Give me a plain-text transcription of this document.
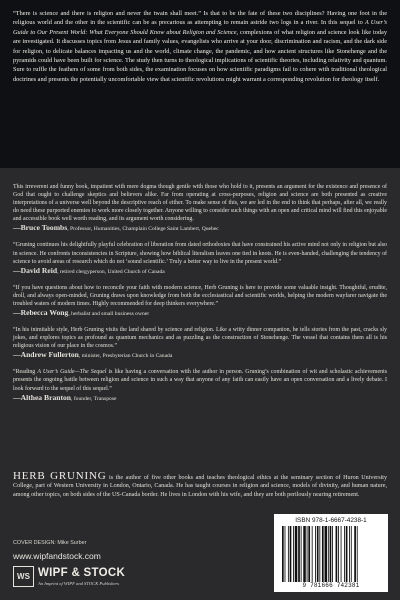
“There is science and there is religion and never the twain shall meet.” Is that to be the fate of these two disciplines? Having one foot in the religious world and the other in the scientific can be as precarious as attempting to remain astride two logs in a river. In this sequel to A User’s Guide to Our Present World: What Everyone Should Know about Religion and Science, complexions of what religion and science look like today are investigated. It discusses topics from Jesus and family values, evangelists who arrive at your door, discrimination and racism, and the dark side for religion, to delicate balances impacting us and the world, climate change, the pandemic, and how ancient structures like Stonehenge and the pyramids could have been built for science. The study then turns to theological implications of scientific theories, including relativity and quantum. Sure to ruffle the feathers of some from both sides, the examination focuses on how scientific paradigms fail to cohere with traditional theological doctrines and presents the potentially uncomfortable view that scientific revolutions might warrant a corresponding revolution for theology itself.
This irreverent and funny book, impatient with mere dogma though gentle with those who hold to it, presents an argument for the existence and presence of God that ought to challenge skeptics and believers alike. Far from operating at cross-purposes, religion and science are both presented as creative interpretations of a universe well beyond the descriptive reach of either. To make sense of this, we are led in the end to think that perhaps, after all, we really do need these purported enemies to work more closely together. Anyone willing to consider such things with an open and critical mind will find this enjoyable and accessible book well worth reading, and its argument worth considering.
—Bruce Toombs, Professor, Humanities, Champlain College Saint Lambert, Quebec
“Gruning continues his delightfully playful celebration of liberation from dated orthodoxies that have constrained his active mind not only in religion but also in science. He confronts inconsistencies in Scripture, showing how biblical literalism leaves one tied in knots. He is even-handed, challenging the tendency of science to avoid areas of research which do not ‘sound scientific.’ Truly a better way to live in the present world.”
—David Reid, retired clergyperson, United Church of Canada
“If you have questions about how to reconcile your faith with modern science, Herb Gruning is here to provide some valuable insight. Thoughtful, erudite, droll, and always open-minded, Gruning draws upon knowledge from both the ecclesiastical and scientific worlds, helping the modern wayfarer navigate the troubled waters of modern times. Highly recommended for deep thinkers everywhere.”
—Rebecca Wong, herbalist and small business owner
“In his inimitable style, Herb Gruning visits the land shared by science and religion. Like a witty dinner companion, he tells stories from the past, cracks sly jokes, and explores topics as profound as quantum mechanics and as puzzling as the construction of Stonehenge. The vessel that contains them all is his religious vision of our place in the cosmos.”
—Andrew Fullerton, minister, Presbyterian Church in Canada
“Reading A User’s Guide—The Sequel is like having a conversation with the author in person. Gruning’s combination of wit and scholastic achievements presents the ongoing battle between religion and science in such a way that anyone of any faith can easily have an open conversation and a lively debate. I look forward to the sequel of this sequel.”
—Althea Branton, founder, Transpose
HERB GRUNING is the author of five other books and teaches theological ethics at the seminary section of Huron University College, part of Western University in London, Ontario, Canada. He has taught courses in religion and science, models of divinity, and human nature, among other topics, on both sides of the US-Canada border. He lives in London with his wife, and they are both perilously nearing retirement.
COVER DESIGN: Mike Surber
www.wipfandstock.com
WS WIPF & STOCK
An Imprint of WIPF and STOCK Publishers
ISBN 978-1-6667-4238-1
9 781666 742381
